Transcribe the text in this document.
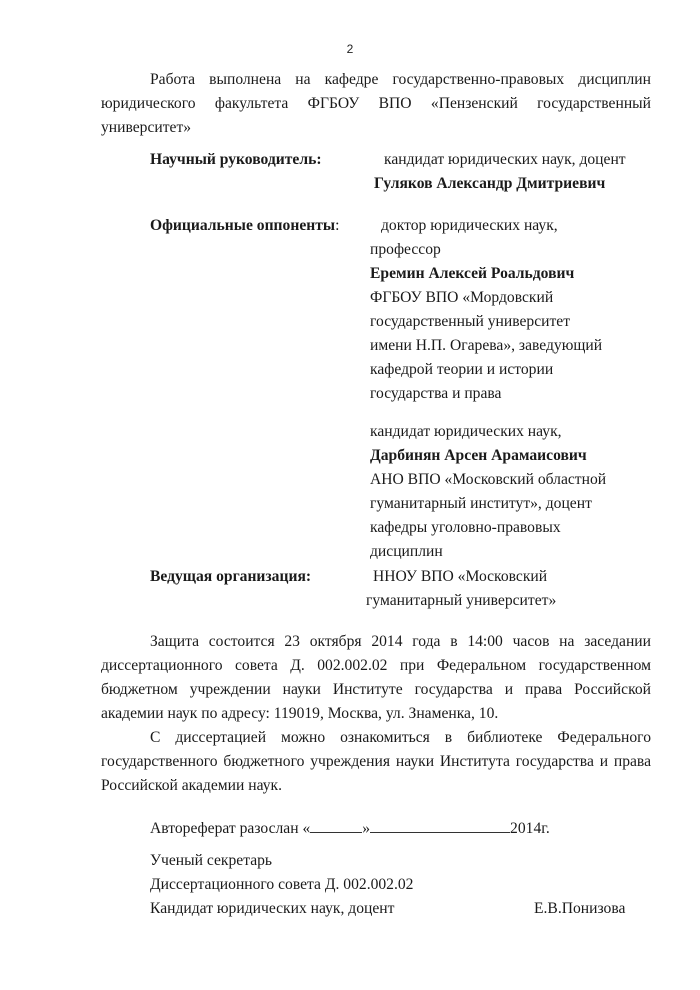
2

Работа выполнена на кафедре государственно-правовых дисциплин юридического факультета ФГБОУ ВПО «Пензенский государственный университет»

Научный руководитель:	кандидат юридических наук, доцент
Гуляков Александр Дмитриевич
Официальные оппоненты:	доктор юридических наук,
профессор
Еремин Алексей Роальдович
ФГБОУ ВПО «Мордовский
государственный университет
имени Н.П. Огарева», заведующий
кафедрой теории и истории
государства и права
кандидат юридических наук,
Дарбинян Арсен Арамаисович
АНО ВПО «Московский областной
гуманитарный институт», доцент
кафедры уголовно-правовых
дисциплин
Ведущая организация:	ННОУ ВПО «Московский
гуманитарный университет»

Защита состоится 23 октября 2014 года в 14:00 часов на заседании диссертационного совета Д. 002.002.02 при Федеральном государственном бюджетном учреждении науки Институте государства и права Российской академии наук по адресу: 119019, Москва, ул. Знаменка, 10.

С диссертацией можно ознакомиться в библиотеке Федерального государственного бюджетного учреждения науки Института государства и права Российской академии наук.

Автореферат разослан «	»	2014г.
Ученый секретарь
Диссертационного совета Д. 002.002.02
Кандидат юридических наук, доцент	Е.В.Понизова
